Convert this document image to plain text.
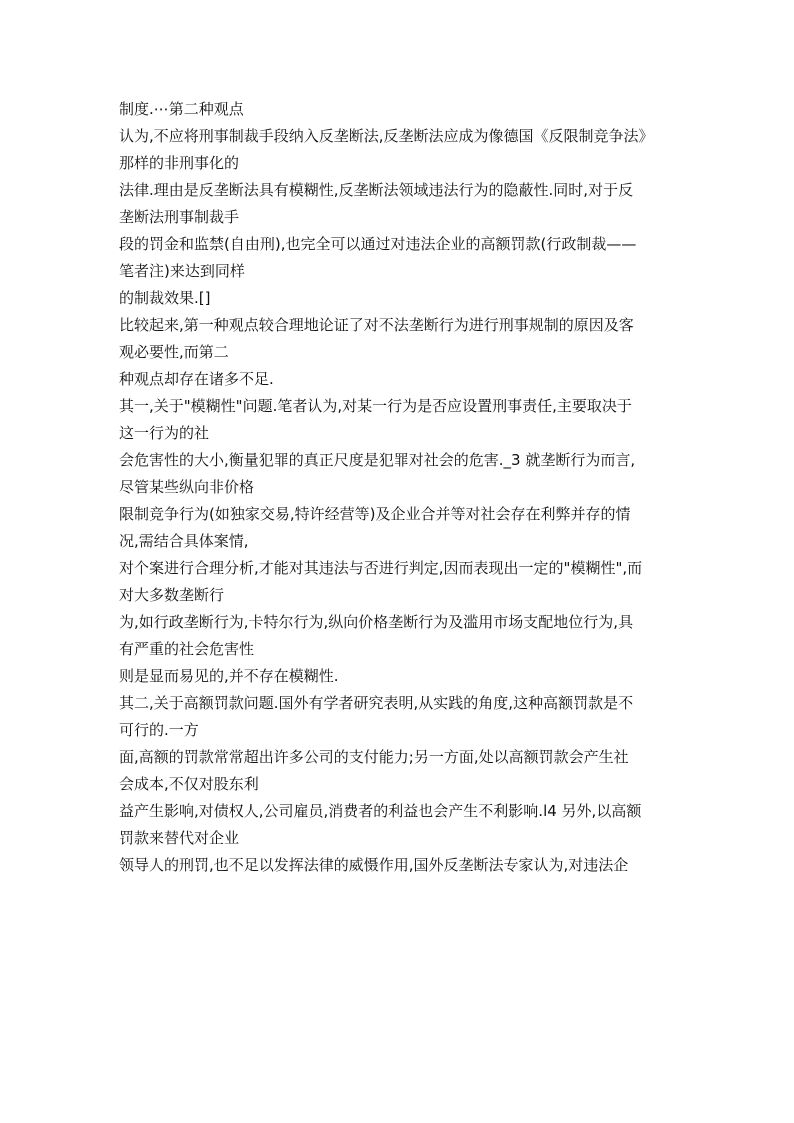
制度.⋯第二种观点
认为,不应将刑事制裁手段纳入反垄断法,反垄断法应成为像德国《反限制竞争法》
那样的非刑事化的
法律.理由是反垄断法具有模糊性,反垄断法领域违法行为的隐蔽性.同时,对于反
垄断法刑事制裁手
段的罚金和监禁(自由刑),也完全可以通过对违法企业的高额罚款(行政制裁——
笔者注)来达到同样
的制裁效果.[]
比较起来,第一种观点较合理地论证了对不法垄断行为进行刑事规制的原因及客
观必要性,而第二
种观点却存在诸多不足.
其一,关于"模糊性"问题.笔者认为,对某一行为是否应设置刑事责任,主要取决于
这一行为的社
会危害性的大小,衡量犯罪的真正尺度是犯罪对社会的危害._3 就垄断行为而言,
尽管某些纵向非价格
限制竞争行为(如独家交易,特许经营等)及企业合并等对社会存在利弊并存的情
况,需结合具体案情,
对个案进行合理分析,才能对其违法与否进行判定,因而表现出一定的"模糊性",而
对大多数垄断行
为,如行政垄断行为,卡特尔行为,纵向价格垄断行为及滥用市场支配地位行为,具
有严重的社会危害性
则是显而易见的,并不存在模糊性.
其二,关于高额罚款问题.国外有学者研究表明,从实践的角度,这种高额罚款是不
可行的.一方
面,高额的罚款常常超出许多公司的支付能力;另一方面,处以高额罚款会产生社
会成本,不仅对股东利
益产生影响,对债权人,公司雇员,消费者的利益也会产生不利影响.l4 另外,以高额
罚款来替代对企业
领导人的刑罚,也不足以发挥法律的威慑作用,国外反垄断法专家认为,对违法企
